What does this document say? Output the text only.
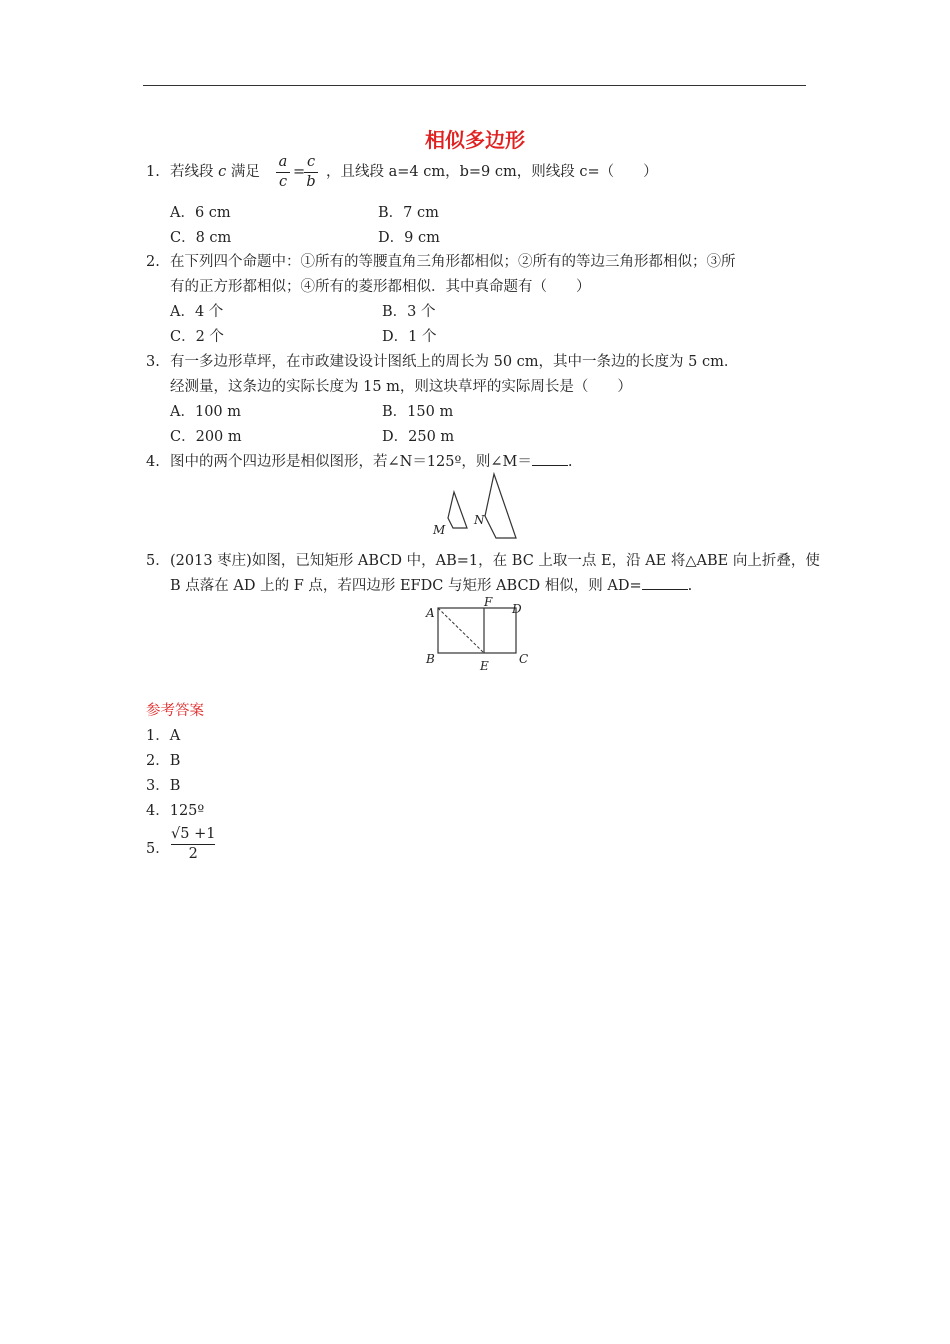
相似多边形
1. 若线段 c 满足
a
c
=
c
b
，且线段 a=4 cm，b=9 cm，则线段 c=（　　）
A．6 cm	B．7 cm
C．8 cm	D．9 cm
2. 在下列四个命题中：①所有的等腰直角三角形都相似；②所有的等边三角形都相似；③所
有的正方形都相似；④所有的菱形都相似．其中真命题有（　　）
A．4 个	B．3 个
C．2 个	D．1 个
3. 有一多边形草坪，在市政建设设计图纸上的周长为 50 cm，其中一条边的长度为 5 cm．
经测量，这条边的实际长度为 15 m，则这块草坪的实际周长是（　　）
A．100 m	B．150 m
C．200 m	D．250 m
4. 图中的两个四边形是相似图形，若∠N＝125º，则∠M＝ .
M
N
5． (2013 枣庄)如图，已知矩形 ABCD 中，AB=1，在 BC 上取一点 E，沿 AE 将△ABE 向上折叠，使
B 点落在 AD 上的 F 点，若四边形 EFDC 与矩形 ABCD 相似，则 AD=	.
A
B	E	C
F D
参考答案
1．A
2．B
3．B
4．125º
5．
√5 +1
2
